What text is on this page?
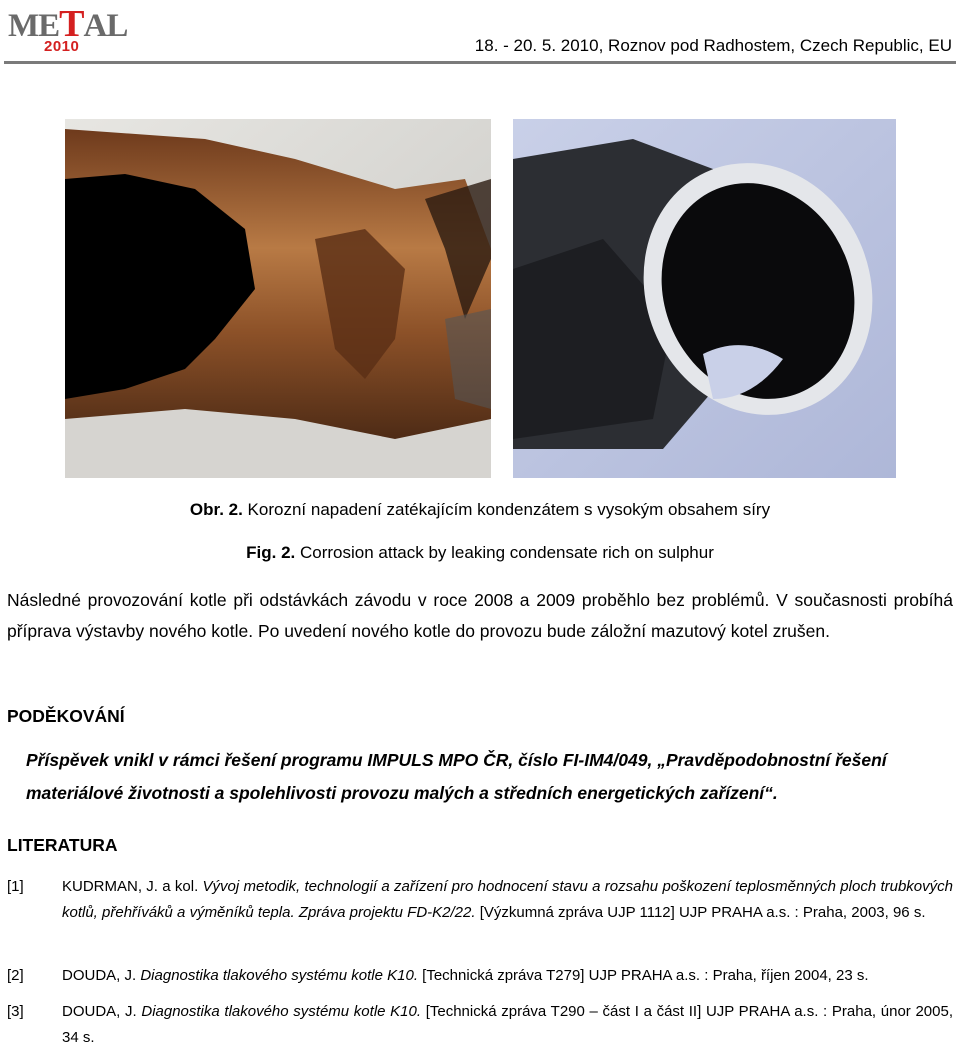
METAL
2010	18. - 20. 5. 2010, Roznov pod Radhostem, Czech Republic, EU
Obr. 2. Korozní napadení zatékajícím kondenzátem s vysokým obsahem síry
Fig. 2. Corrosion attack by leaking condensate rich on sulphur
Následné provozování kotle při odstávkách závodu v roce 2008 a 2009 proběhlo bez problémů. V současnosti probíhá příprava výstavby nového kotle. Po uvedení nového kotle do provozu bude záložní mazutový kotel zrušen.
PODĚKOVÁNÍ
Příspěvek vnikl v rámci řešení programu IMPULS MPO ČR, číslo FI-IM4/049, „Pravděpodobnostní řešení materiálové životnosti a spolehlivosti provozu malých a středních energetických zařízení“.
LITERATURA
[1]	KUDRMAN, J. a kol. Vývoj metodik, technologií a zařízení pro hodnocení stavu a rozsahu poškození teplosměnných ploch trubkových kotlů, přehříváků a výměníků tepla. Zpráva projektu FD-K2/22. [Výzkumná zpráva UJP 1112] UJP PRAHA a.s. : Praha, 2003, 96 s.
[2]	DOUDA, J. Diagnostika tlakového systému kotle K10. [Technická zpráva T279] UJP PRAHA a.s. : Praha, říjen 2004, 23 s.
[3]	DOUDA, J. Diagnostika tlakového systému kotle K10. [Technická zpráva T290 – část I a část II] UJP PRAHA a.s. : Praha, únor 2005, 34 s.
